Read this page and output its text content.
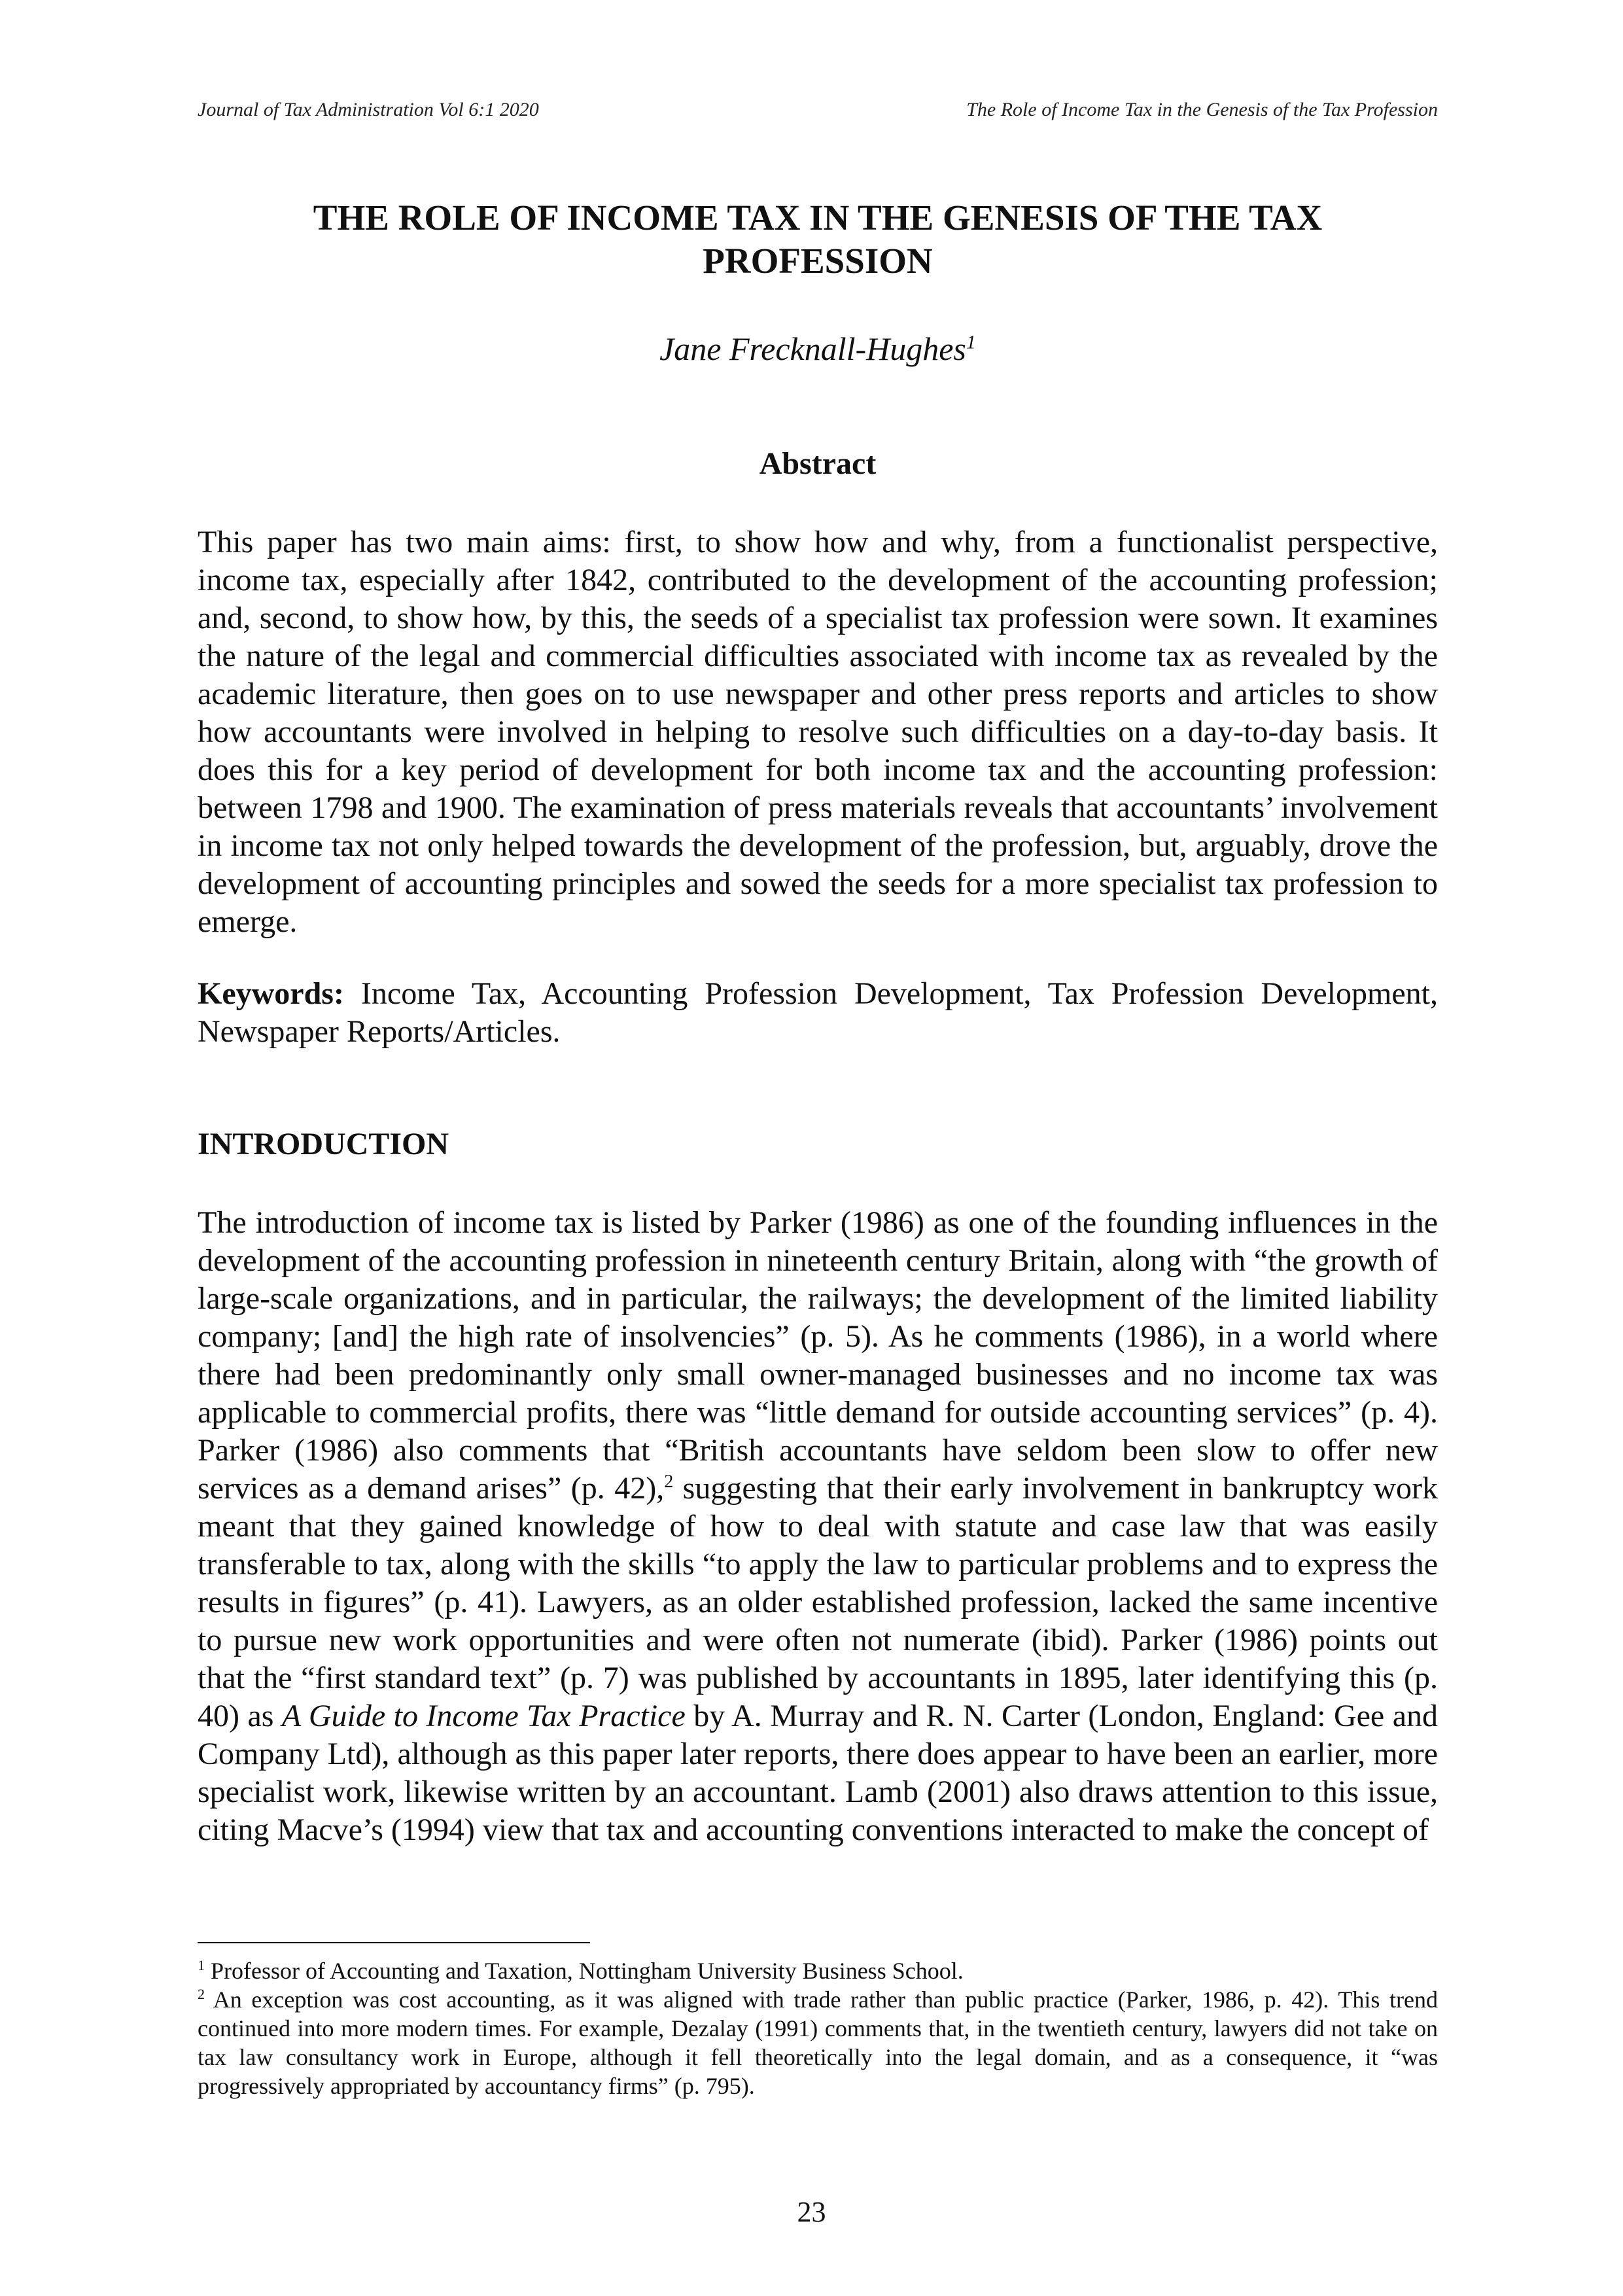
Journal of Tax Administration Vol 6:1 2020	The Role of Income Tax in the Genesis of the Tax Profession
THE ROLE OF INCOME TAX IN THE GENESIS OF THE TAX PROFESSION
Jane Frecknall-Hughes$^1$
Abstract

This paper has two main aims: first, to show how and why, from a functionalist perspective, income tax, especially after 1842, contributed to the development of the accounting profession; and, second, to show how, by this, the seeds of a specialist tax profession were sown. It examines the nature of the legal and commercial difficulties associated with income tax as revealed by the academic literature, then goes on to use newspaper and other press reports and articles to show how accountants were involved in helping to resolve such difficulties on a day-to-day basis. It does this for a key period of development for both income tax and the accounting profession: between 1798 and 1900. The examination of press materials reveals that accountants’ involvement in income tax not only helped towards the development of the profession, but, arguably, drove the development of accounting principles and sowed the seeds for a more specialist tax profession to emerge.

Keywords: Income Tax, Accounting Profession Development, Tax Profession Development, Newspaper Reports/Articles.

INTRODUCTION

The introduction of income tax is listed by Parker (1986) as one of the founding influences in the development of the accounting profession in nineteenth century Britain, along with “the growth of large-scale organizations, and in particular, the railways; the development of the limited liability company; [and] the high rate of insolvencies” (p. 5). As he comments (1986), in a world where there had been predominantly only small owner-managed businesses and no income tax was applicable to commercial profits, there was “little demand for outside accounting services” (p. 4). Parker (1986) also comments that “British accountants have seldom been slow to offer new services as a demand arises” (p. 42),$^2$ suggesting that their early involvement in bankruptcy work meant that they gained knowledge of how to deal with statute and case law that was easily transferable to tax, along with the skills “to apply the law to particular problems and to express the results in figures” (p. 41). Lawyers, as an older established profession, lacked the same incentive to pursue new work opportunities and were often not numerate (ibid). Parker (1986) points out that the “first standard text” (p. 7) was published by accountants in 1895, later identifying this (p. 40) as A Guide to Income Tax Practice by A. Murray and R. N. Carter (London, England: Gee and Company Ltd), although as this paper later reports, there does appear to have been an earlier, more specialist work, likewise written by an accountant. Lamb (2001) also draws attention to this issue, citing Macve’s (1994) view that tax and accounting conventions interacted to make the concept of

$^1$ Professor of Accounting and Taxation, Nottingham University Business School.

$^2$ An exception was cost accounting, as it was aligned with trade rather than public practice (Parker, 1986, p. 42). This trend continued into more modern times. For example, Dezalay (1991) comments that, in the twentieth century, lawyers did not take on tax law consultancy work in Europe, although it fell theoretically into the legal domain, and as a consequence, it “was progressively appropriated by accountancy firms” (p. 795).

23
